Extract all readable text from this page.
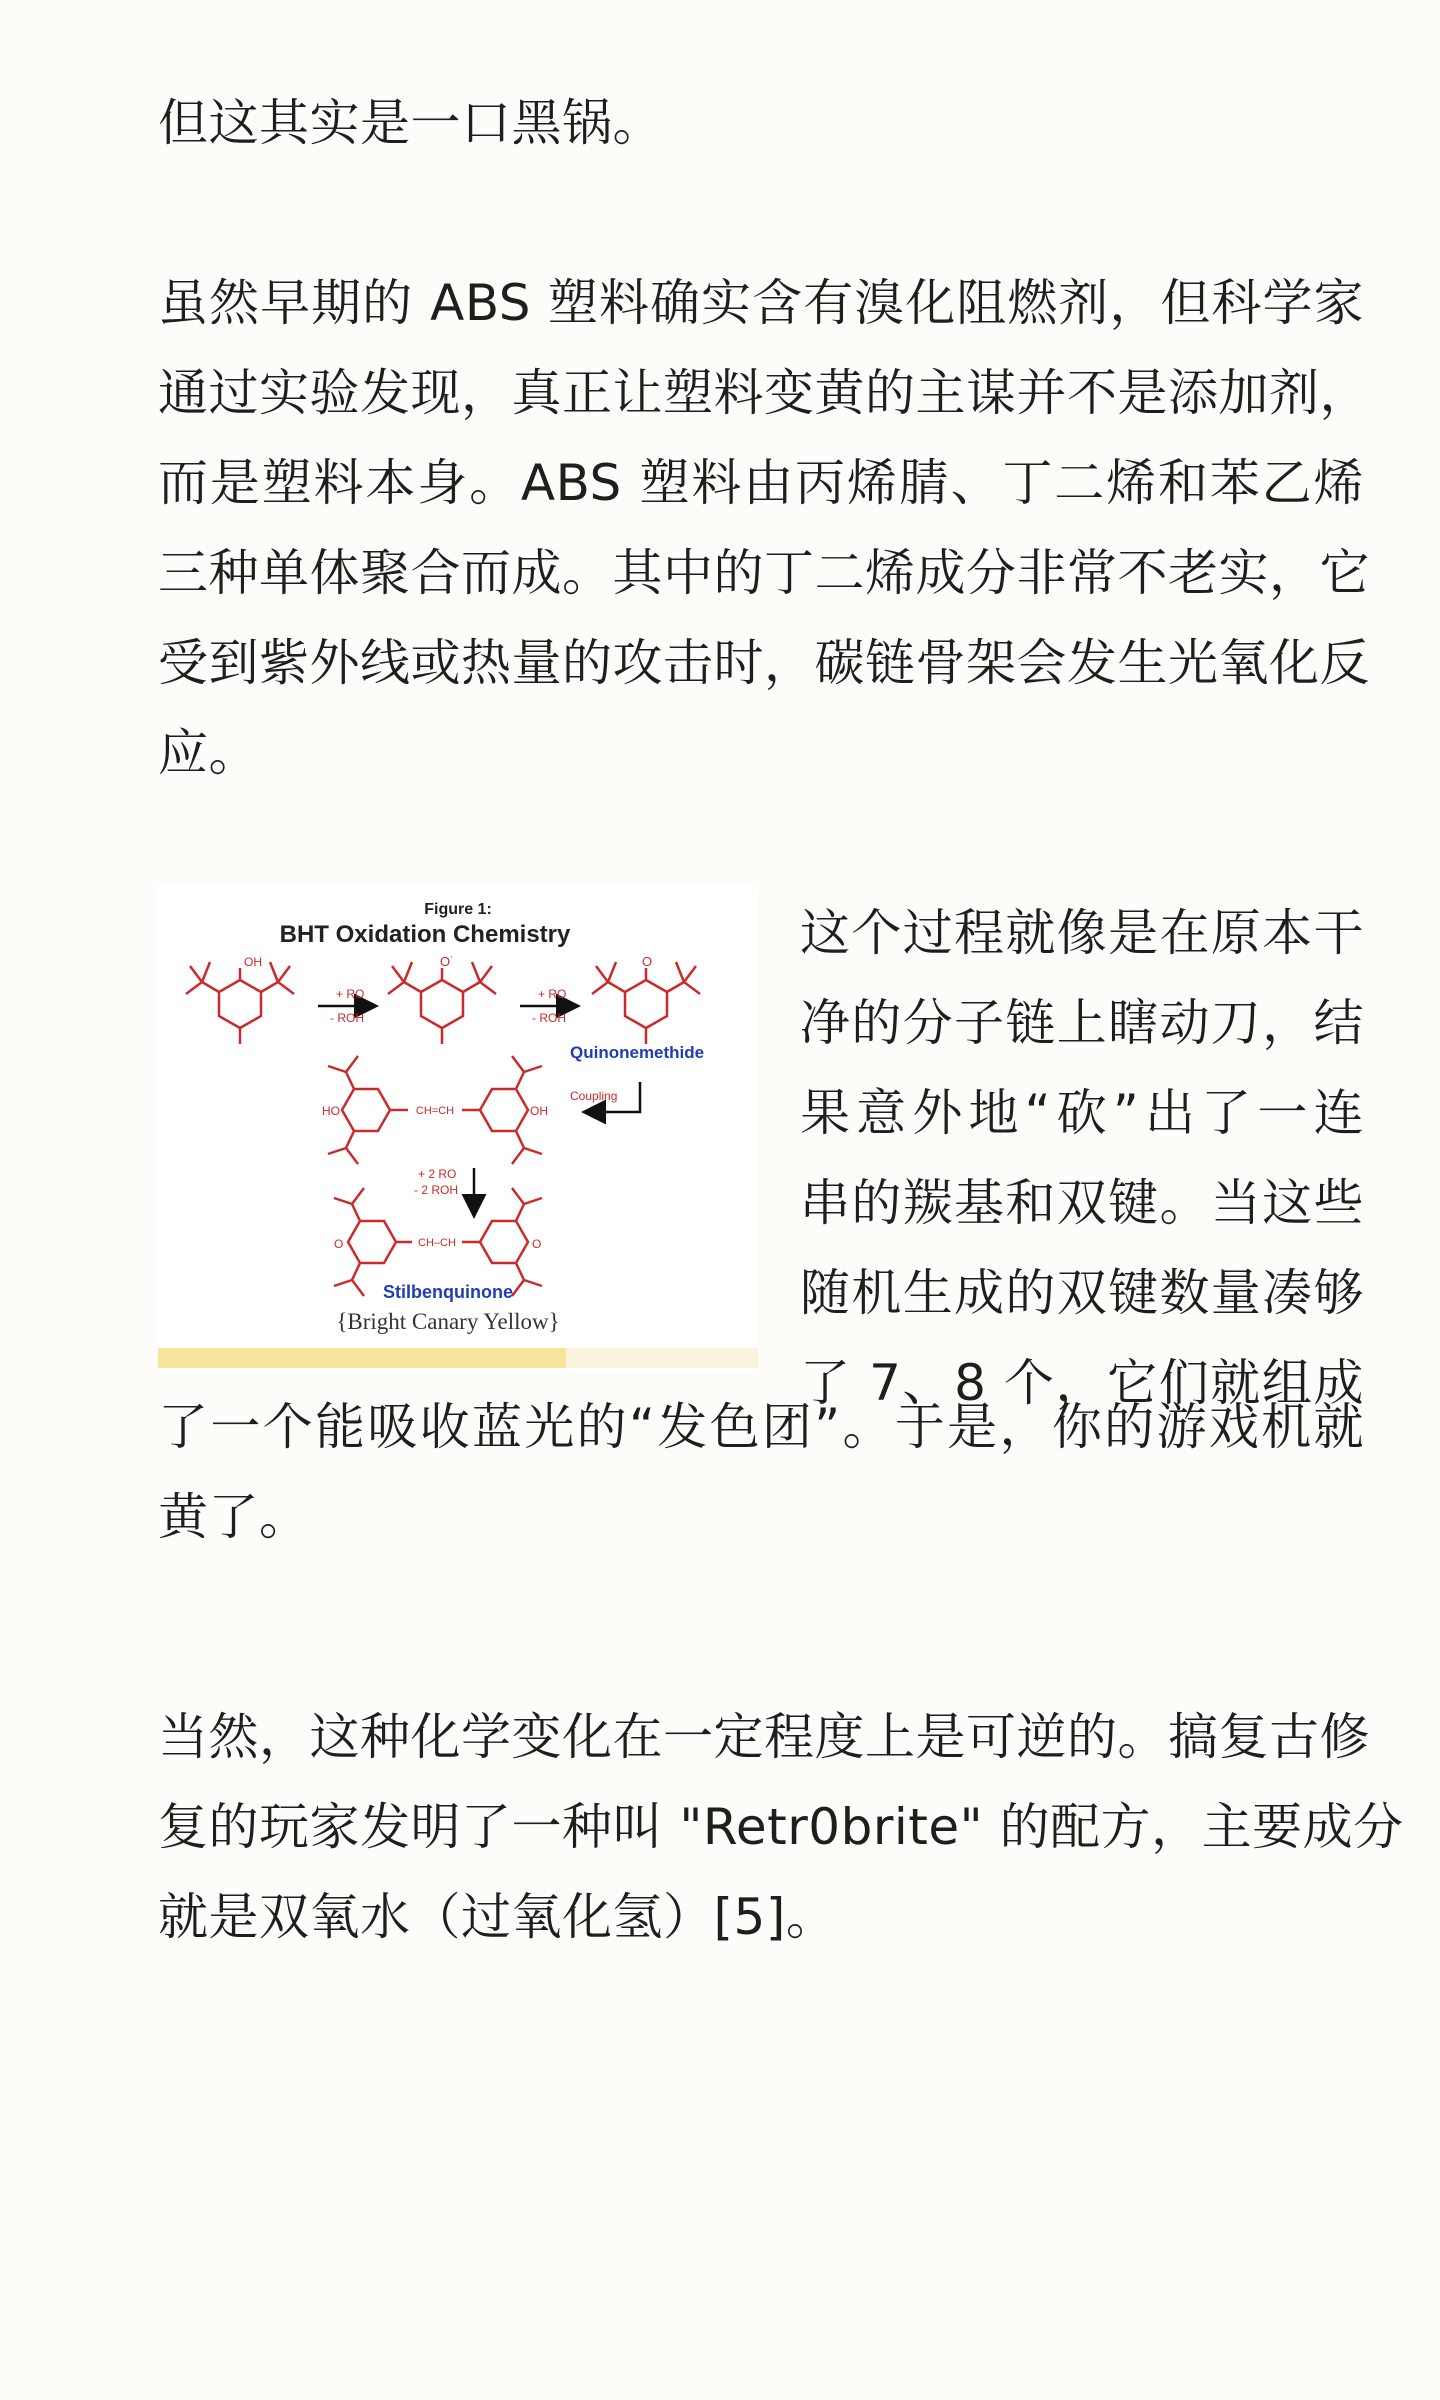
但这其实是一口黑锅。

虽然早期的 ABS 塑料确实含有溴化阻燃剂，但科学家
通过实验发现，真正让塑料变黄的主谋并不是添加剂，
而是塑料本身。ABS 塑料由丙烯腈、丁二烯和苯乙烯
三种单体聚合而成。其中的丁二烯成分非常不老实，它
受到紫外线或热量的攻击时，碳链骨架会发生光氧化反
应。

Figure 1:
BHT Oxidation Chemistry
OH	O˙	O
+ RO
- ROH
+ RO
- ROH
Quinonemethide
Coupling
CH=CH
HO	OH
+ 2 RO
- 2 ROH
CH–CH
O	O
Stilbenquinone
{Bright Canary Yellow}

这个过程就像是在原本干
净的分子链上瞎动刀，结
果意外地“砍”出了一连
串的羰基和双键。当这些
随机生成的双键数量凑够
了 7、8 个，它们就组成

了一个能吸收蓝光的“发色团”。于是，你的游戏机就
黄了。

当然，这种化学变化在一定程度上是可逆的。搞复古修
复的玩家发明了一种叫 "Retr0brite" 的配方，主要成分
就是双氧水（过氧化氢）[5]。
